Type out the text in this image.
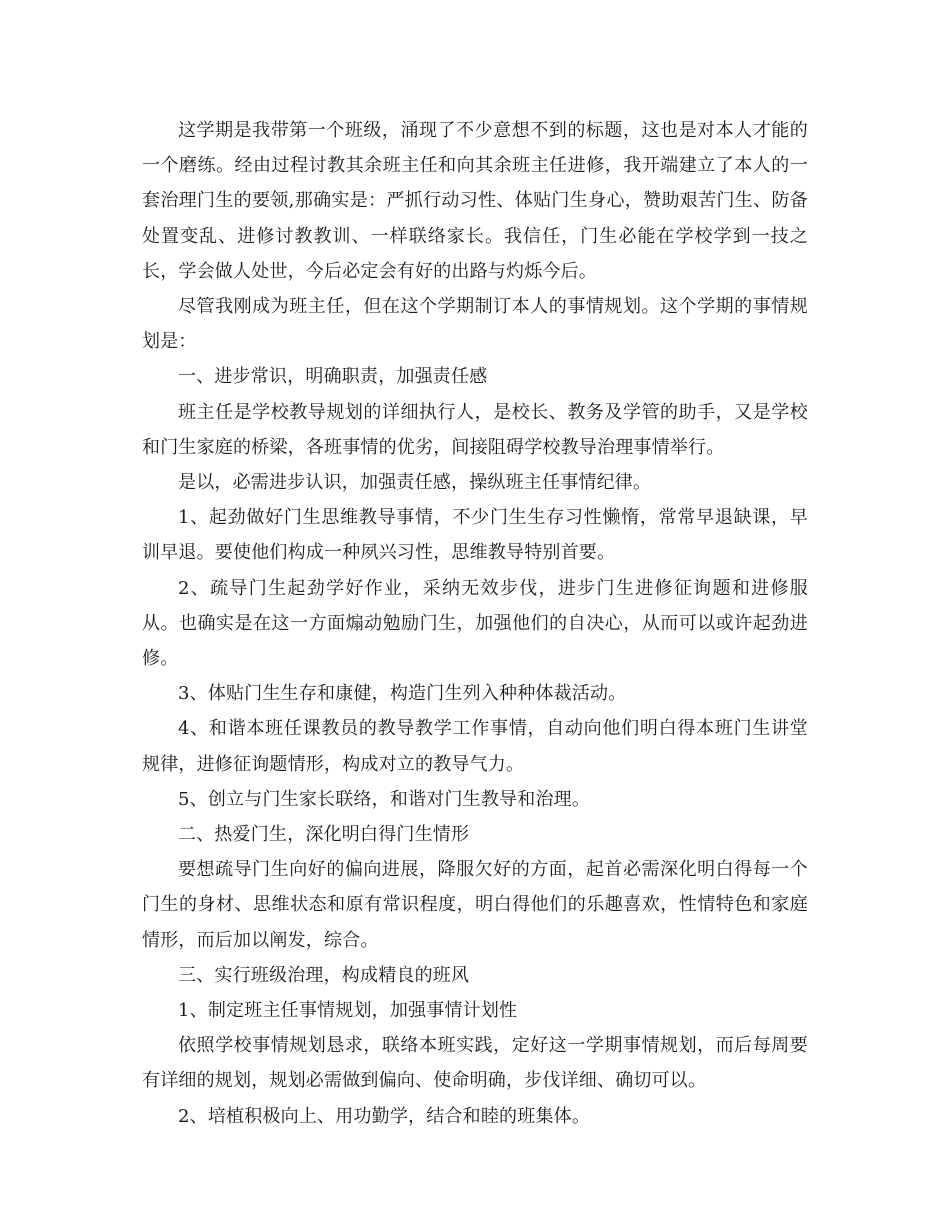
这学期是我带第一个班级，涌现了不少意想不到的标题，这也是对本人才能的一个磨练。经由过程讨教其余班主任和向其余班主任进修，我开端建立了本人的一套治理门生的要领,那确实是：严抓行动习性、体贴门生身心，赞助艰苦门生、防备处置变乱、进修讨教教训、一样联络家长。我信任，门生必能在学校学到一技之长，学会做人处世，今后必定会有好的出路与灼烁今后。

尽管我刚成为班主任，但在这个学期制订本人的事情规划。这个学期的事情规划是：

一、进步常识，明确职责，加强责任感

班主任是学校教导规划的详细执行人，是校长、教务及学管的助手，又是学校和门生家庭的桥梁，各班事情的优劣，间接阻碍学校教导治理事情举行。

是以，必需进步认识，加强责任感，操纵班主任事情纪律。

1、起劲做好门生思维教导事情，不少门生生存习性懒惰，常常早退缺课，早训早退。要使他们构成一种夙兴习性，思维教导特别首要。

2、疏导门生起劲学好作业，采纳无效步伐，进步门生进修征询题和进修服从。也确实是在这一方面煽动勉励门生，加强他们的自决心，从而可以或许起劲进修。

3、体贴门生生存和康健，构造门生列入种种体裁活动。

4、和谐本班任课教员的教导教学工作事情，自动向他们明白得本班门生讲堂规律，进修征询题情形，构成对立的教导气力。

5、创立与门生家长联络，和谐对门生教导和治理。

二、热爱门生，深化明白得门生情形

要想疏导门生向好的偏向进展，降服欠好的方面，起首必需深化明白得每一个门生的身材、思维状态和原有常识程度，明白得他们的乐趣喜欢，性情特色和家庭情形，而后加以阐发，综合。

三、实行班级治理，构成精良的班风

1、制定班主任事情规划，加强事情计划性

依照学校事情规划恳求，联络本班实践，定好这一学期事情规划，而后每周要有详细的规划，规划必需做到偏向、使命明确，步伐详细、确切可以。

2、培植积极向上、用功勤学，结合和睦的班集体。
